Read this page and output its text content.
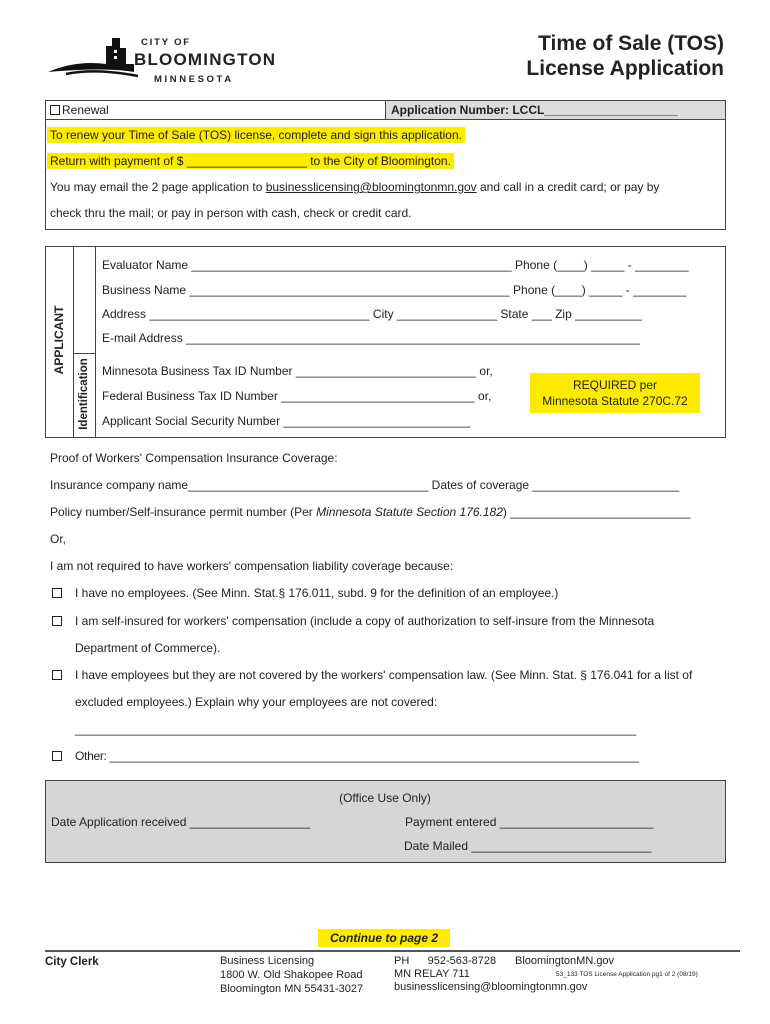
CITY OF
BLOOMINGTON
MINNESOTA
Time of Sale (TOS)
License Application
Renewal	Application Number: LCCL____________________
To renew your Time of Sale (TOS) license, complete and sign this application.
Return with payment of $ __________________ to the City of Bloomington.
You may email the 2 page application to businesslicensing@bloomingtonmn.gov and call in a credit card; or pay by
check thru the mail; or pay in person with cash, check or credit card.
APPLICANT
Identification
Evaluator Name ________________________________________________ Phone (____) _____ - ________
Business Name ________________________________________________ Phone (____) _____ - ________
Address _________________________________ City _______________ State ___ Zip __________
E-mail Address ____________________________________________________________________
Minnesota Business Tax ID Number ___________________________ or,
Federal Business Tax ID Number _____________________________ or,
Applicant Social Security Number ____________________________
REQUIRED per
Minnesota Statute 270C.72
Proof of Workers' Compensation Insurance Coverage:
Insurance company name____________________________________ Dates of coverage ______________________
Policy number/Self-insurance permit number (Per Minnesota Statute Section 176.182) ___________________________
Or,
I am not required to have workers' compensation liability coverage because:
I have no employees. (See Minn. Stat.§ 176.011, subd. 9 for the definition of an employee.)
I am self-insured for workers' compensation (include a copy of authorization to self-insure from the Minnesota
Department of Commerce).
I have employees but they are not covered by the workers' compensation law. (See Minn. Stat. § 176.041 for a list of
excluded employees.) Explain why your employees are not covered:
________________________________________________________________________________________
Other: ___________________________________________________________________________________
(Office Use Only)
Date Application received __________________	Payment entered _______________________
Date Mailed ___________________________
Continue to page 2
City Clerk	Business Licensing
1800 W. Old Shakopee Road
Bloomington MN 55431-3027
PH      952-563-8728 BloomingtonMN.gov
MN RELAY 711
businesslicensing@bloomingtonmn.gov
53_133 TOS License Application pg1 of 2 (08/19)
